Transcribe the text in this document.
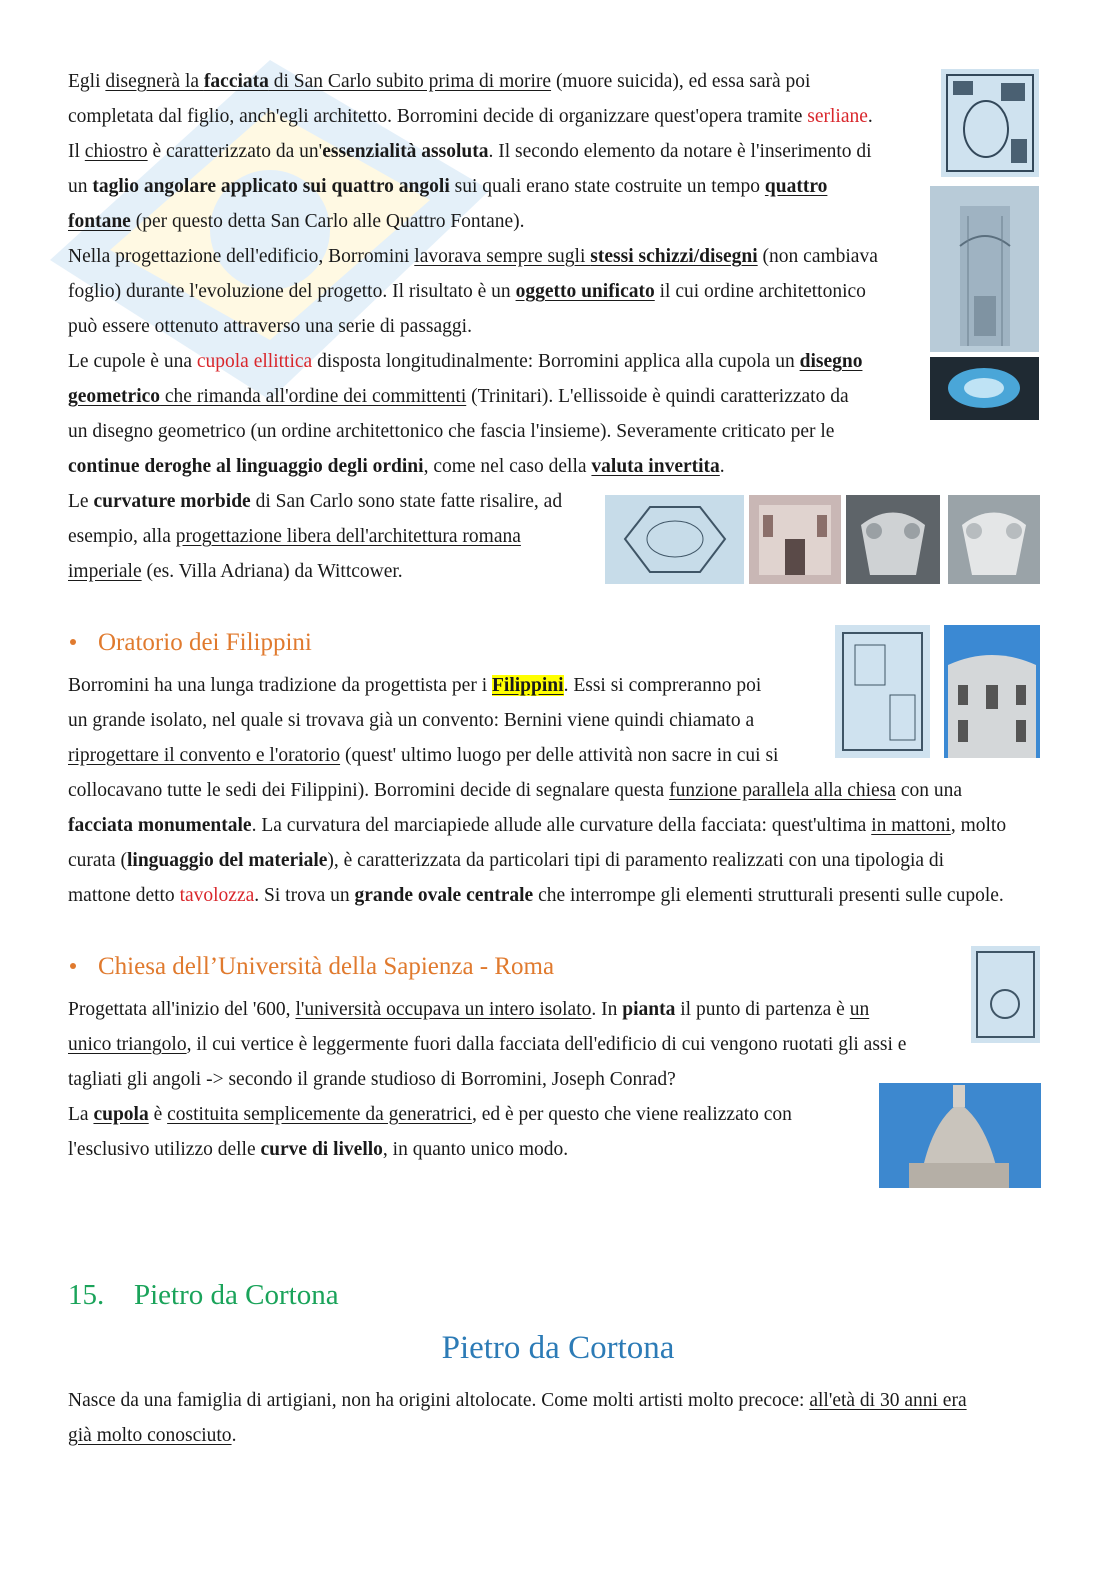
Egli disegnerà la facciata di San Carlo subito prima di morire (muore suicida), ed essa sarà poi

completata dal figlio, anch'egli architetto. Borromini decide di organizzare quest'opera tramite serliane.

Il chiostro è caratterizzato da un'essenzialità assoluta. Il secondo elemento da notare è l'inserimento di

un taglio angolare applicato sui quattro angoli sui quali erano state costruite un tempo quattro

fontane (per questo detta San Carlo alle Quattro Fontane).

Nella progettazione dell'edificio, Borromini lavorava sempre sugli stessi schizzi/disegni (non cambiava

foglio) durante l'evoluzione del progetto. Il risultato è un oggetto unificato il cui ordine architettonico

può essere ottenuto attraverso una serie di passaggi.

Le cupole è una cupola ellittica disposta longitudinalmente: Borromini applica alla cupola un disegno

geometrico che rimanda all'ordine dei committenti (Trinitari). L'ellissoide è quindi caratterizzato da

un disegno geometrico (un ordine architettonico che fascia l'insieme). Severamente criticato per le

continue deroghe al linguaggio degli ordini, come nel caso della valuta invertita.

Le curvature morbide di San Carlo sono state fatte risalire, ad

esempio, alla progettazione libera dell'architettura romana

imperiale (es. Villa Adriana) da Wittcower.

Oratorio dei Filippini

Borromini ha una lunga tradizione da progettista per i Filippini. Essi si compreranno poi

un grande isolato, nel quale si trovava già un convento: Bernini viene quindi chiamato a

riprogettare il convento e l'oratorio (quest' ultimo luogo per delle attività non sacre in cui si

collocavano tutte le sedi dei Filippini). Borromini decide di segnalare questa funzione parallela alla chiesa con una

facciata monumentale. La curvatura del marciapiede allude alle curvature della facciata: quest'ultima in mattoni, molto

curata (linguaggio del materiale), è caratterizzata da particolari tipi di paramento realizzati con una tipologia di

mattone detto tavolozza. Si trova un grande ovale centrale che interrompe gli elementi strutturali presenti sulle cupole.

Chiesa dell’Università della Sapienza - Roma

Progettata all'inizio del '600, l'università occupava un intero isolato. In pianta il punto di partenza è un

unico triangolo, il cui vertice è leggermente fuori dalla facciata dell'edificio di cui vengono ruotati gli assi e

tagliati gli angoli -> secondo il grande studioso di Borromini, Joseph Conrad?

La cupola è costituita semplicemente da generatrici, ed è per questo che viene realizzato con

l'esclusivo utilizzo delle curve di livello, in quanto unico modo.

15. Pietro da Cortona

Pietro da Cortona

Nasce da una famiglia di artigiani, non ha origini altolocate. Come molti artisti molto precoce: all'età di 30 anni era

già molto conosciuto.
